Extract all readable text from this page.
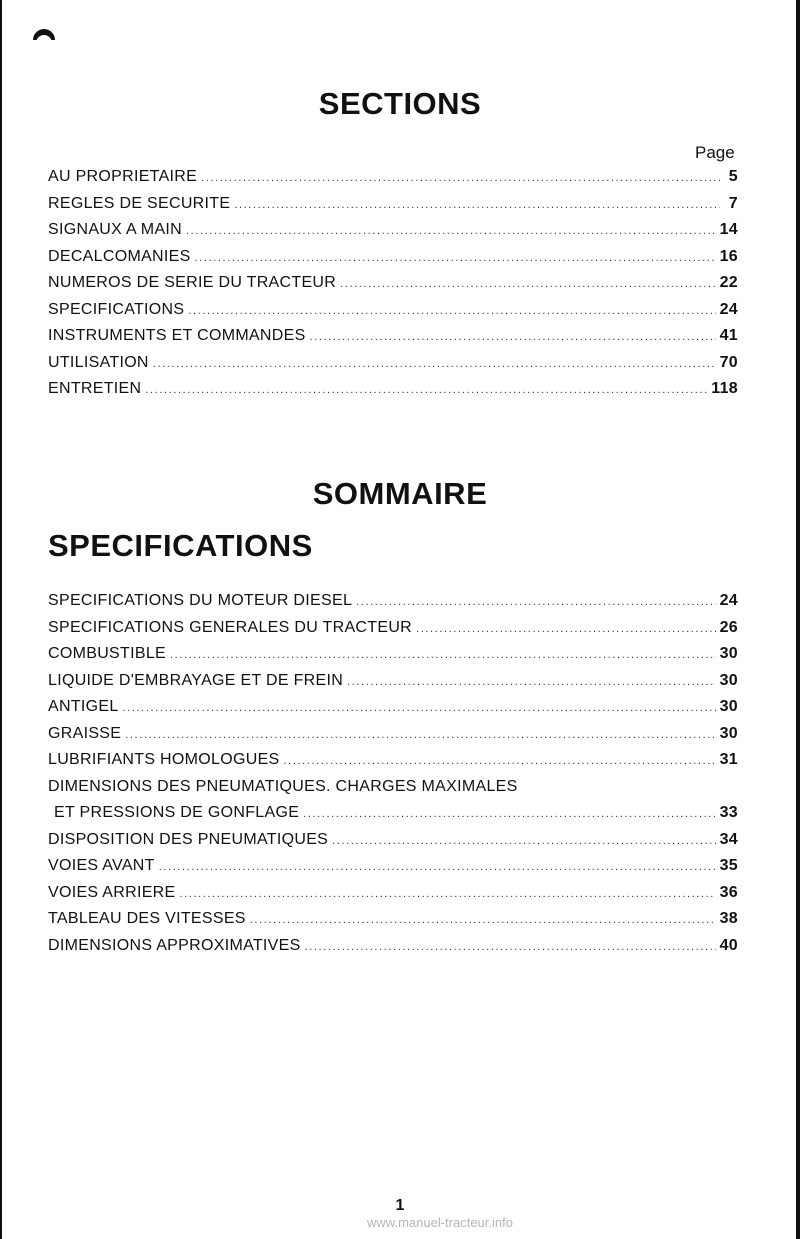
SECTIONS
Page
AU PROPRIETAIRE .....	5
REGLES DE SECURITE .....	7
SIGNAUX A MAIN .....	14
DECALCOMANIES .....	16
NUMEROS DE SERIE DU TRACTEUR .....	22
SPECIFICATIONS .....	24
INSTRUMENTS ET COMMANDES .....	41
UTILISATION .....	70
ENTRETIEN .....	118
SOMMAIRE
SPECIFICATIONS
SPECIFICATIONS DU MOTEUR DIESEL .....	24
SPECIFICATIONS GENERALES DU TRACTEUR .....	26
COMBUSTIBLE .....	30
LIQUIDE D'EMBRAYAGE ET DE FREIN .....	30
ANTIGEL .....	30
GRAISSE .....	30
LUBRIFIANTS HOMOLOGUES .....	31
DIMENSIONS DES PNEUMATIQUES. CHARGES MAXIMALES
ET PRESSIONS DE GONFLAGE .....	33
DISPOSITION DES PNEUMATIQUES .....	34
VOIES AVANT .....	35
VOIES ARRIERE .....	36
TABLEAU DES VITESSES .....	38
DIMENSIONS APPROXIMATIVES .....	40
1
www.manuel-tracteur.info
